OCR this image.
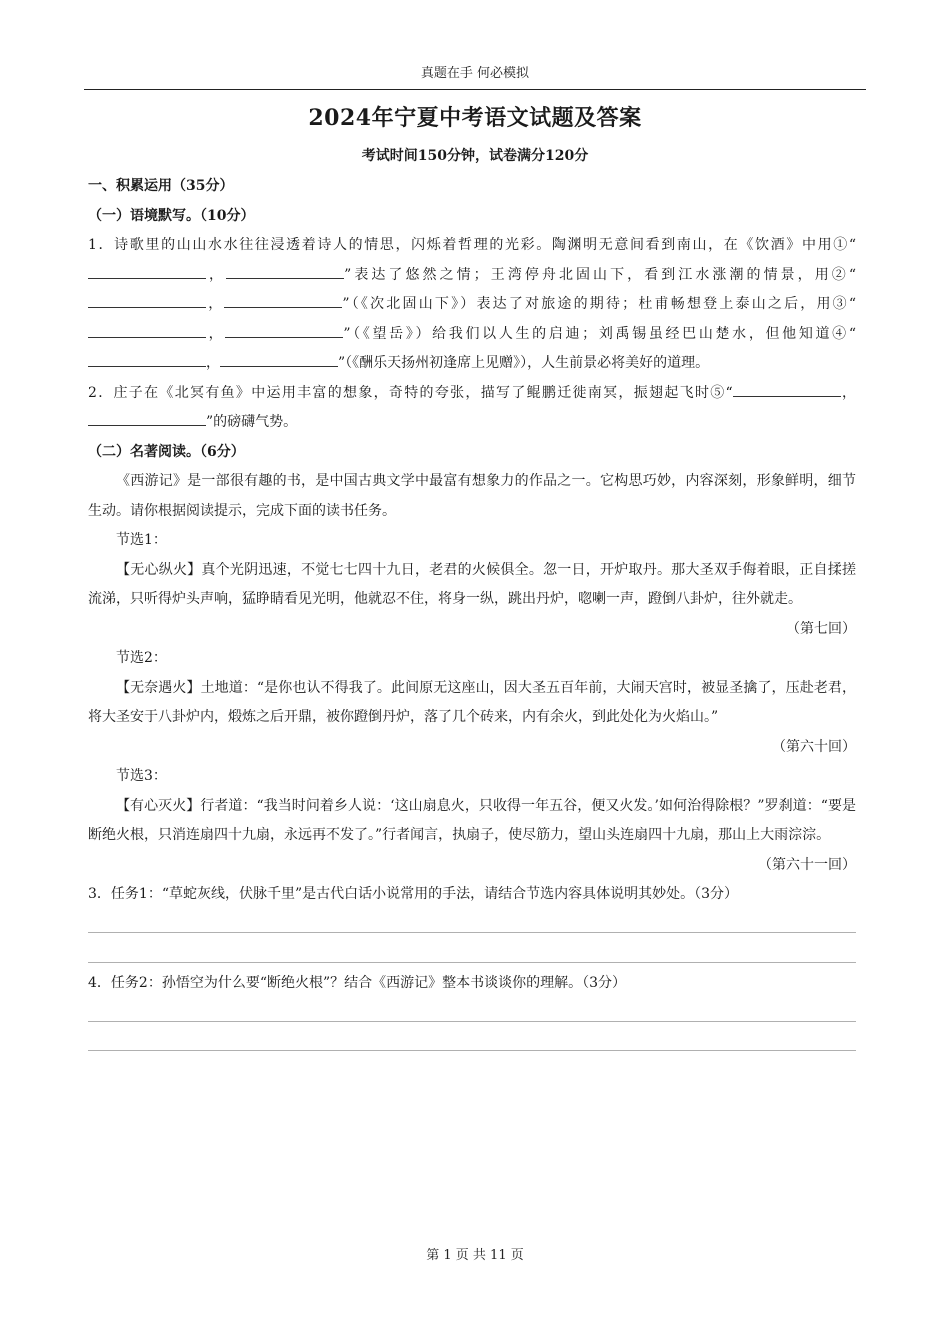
真题在手 何必模拟
2024年宁夏中考语文试题及答案
考试时间150分钟，试卷满分120分

一、积累运用（35分）

（一）语境默写。（10分）

1．诗歌里的山山水水往往浸透着诗人的情思，闪烁着哲理的光彩。陶渊明无意间看到南山，在《饮酒》中用①“，	”表达了悠然之情；王湾停舟北固山下，看到江水涨潮的情景，用②“，	”（《次北固山下》）表达了对旅途的期待；杜甫畅想登上泰山之后，用③“，	”（《望岳》）给我们以人生的启迪；刘禹锡虽经巴山楚水，但他知道④“，	”（《酬乐天扬州初逢席上见赠》），人生前景必将美好的道理。

2．庄子在《北冥有鱼》中运用丰富的想象，奇特的夸张，描写了鲲鹏迁徙南冥，振翅起飞时⑤“	，”的磅礴气势。

（二）名著阅读。（6分）

《西游记》是一部很有趣的书，是中国古典文学中最富有想象力的作品之一。它构思巧妙，内容深刻，形象鲜明，细节生动。请你根据阅读提示，完成下面的读书任务。

节选1：

【无心纵火】真个光阴迅速，不觉七七四十九日，老君的火候俱全。忽一日，开炉取丹。那大圣双手侮着眼，正自揉搓流涕，只听得炉头声响，猛睁睛看见光明，他就忍不住，将身一纵，跳出丹炉，唿喇一声，蹬倒八卦炉，往外就走。

（第七回）

节选2：

【无奈遇火】土地道：“是你也认不得我了。此间原无这座山，因大圣五百年前，大闹天宫时，被显圣擒了，压赴老君，将大圣安于八卦炉内，煅炼之后开鼎，被你蹬倒丹炉，落了几个砖来，内有余火，到此处化为火焰山。”

（第六十回）

节选3：

【有心灭火】行者道：“我当时问着乡人说：‘这山扇息火，只收得一年五谷，便又火发。’如何治得除根？”罗刹道：“要是断绝火根，只消连扇四十九扇，永远再不发了。”行者闻言，执扇子，使尽筋力，望山头连扇四十九扇，那山上大雨淙淙。

（第六十一回）

3．任务1：“草蛇灰线，伏脉千里”是古代白话小说常用的手法，请结合节选内容具体说明其妙处。（3分）

4．任务2：孙悟空为什么要“断绝火根”？结合《西游记》整本书谈谈你的理解。（3分）

第 1 页 共 11 页
